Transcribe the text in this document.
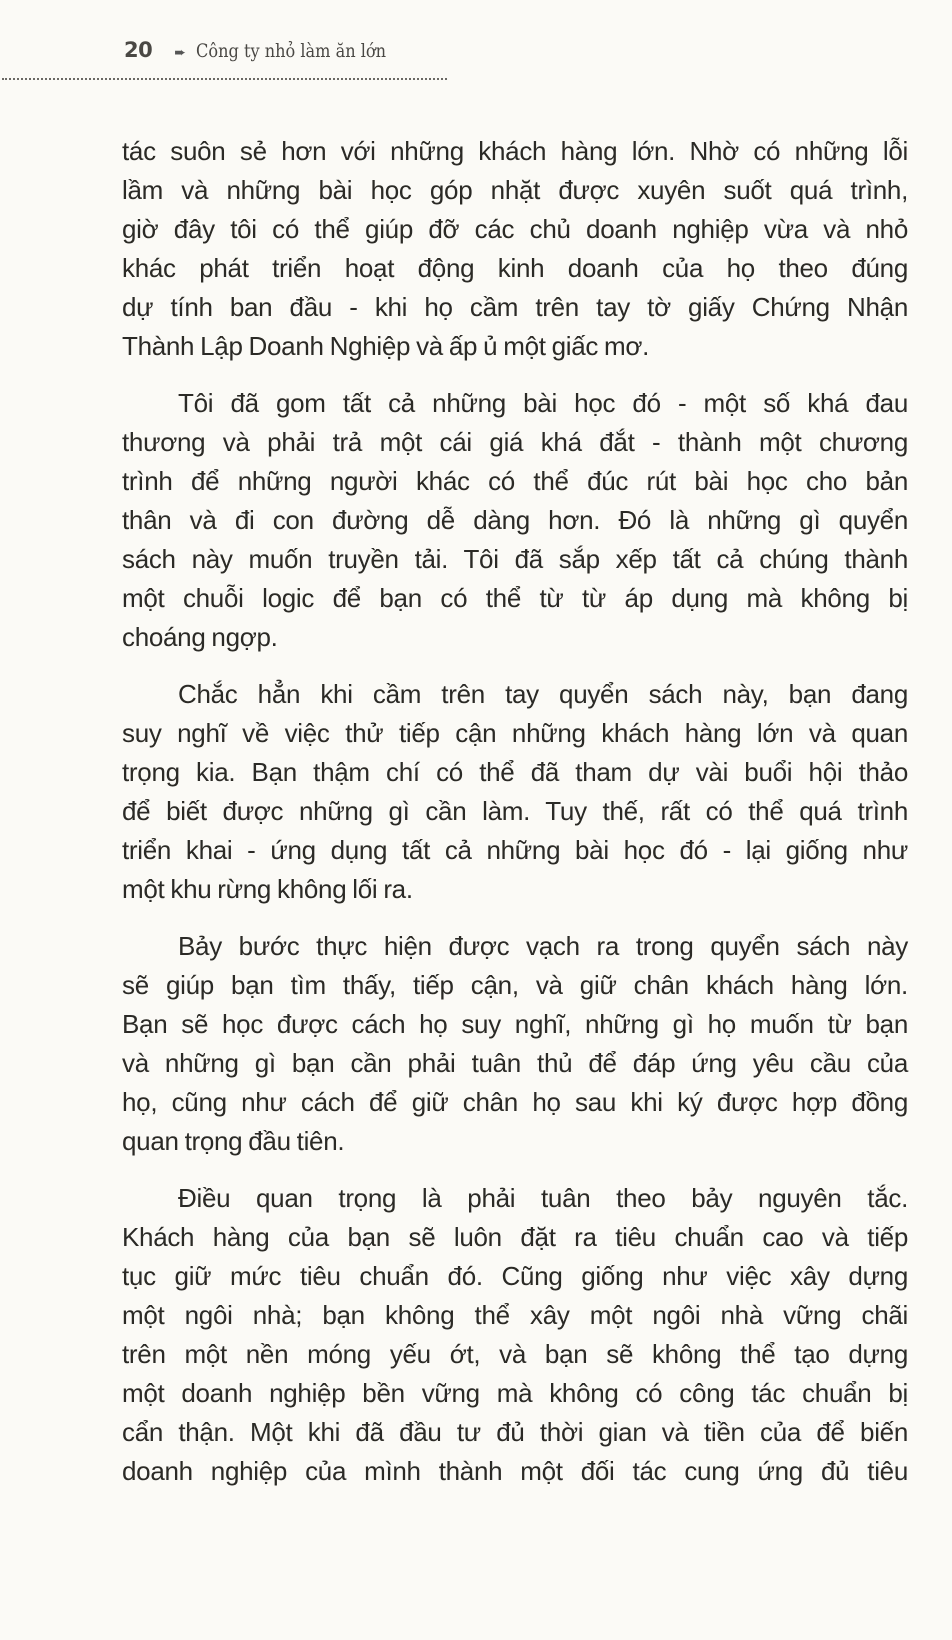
20 ➨ Công ty nhỏ làm ăn lớn
tác suôn sẻ hơn với những khách hàng lớn. Nhờ có những lỗi
lầm và những bài học góp nhặt được xuyên suốt quá trình,
giờ đây tôi có thể giúp đỡ các chủ doanh nghiệp vừa và nhỏ
khác phát triển hoạt động kinh doanh của họ theo đúng
dự tính ban đầu - khi họ cầm trên tay tờ giấy Chứng Nhận
Thành Lập Doanh Nghiệp và ấp ủ một giấc mơ.
Tôi đã gom tất cả những bài học đó - một số khá đau
thương và phải trả một cái giá khá đắt - thành một chương
trình để những người khác có thể đúc rút bài học cho bản
thân và đi con đường dễ dàng hơn. Đó là những gì quyển
sách này muốn truyền tải. Tôi đã sắp xếp tất cả chúng thành
một chuỗi logic để bạn có thể từ từ áp dụng mà không bị
choáng ngợp.
Chắc hẳn khi cầm trên tay quyển sách này, bạn đang
suy nghĩ về việc thử tiếp cận những khách hàng lớn và quan
trọng kia. Bạn thậm chí có thể đã tham dự vài buổi hội thảo
để biết được những gì cần làm. Tuy thế, rất có thể quá trình
triển khai - ứng dụng tất cả những bài học đó - lại giống như
một khu rừng không lối ra.
Bảy bước thực hiện được vạch ra trong quyển sách này
sẽ giúp bạn tìm thấy, tiếp cận, và giữ chân khách hàng lớn.
Bạn sẽ học được cách họ suy nghĩ, những gì họ muốn từ bạn
và những gì bạn cần phải tuân thủ để đáp ứng yêu cầu của
họ, cũng như cách để giữ chân họ sau khi ký được hợp đồng
quan trọng đầu tiên.
Điều quan trọng là phải tuân theo bảy nguyên tắc.
Khách hàng của bạn sẽ luôn đặt ra tiêu chuẩn cao và tiếp
tục giữ mức tiêu chuẩn đó. Cũng giống như việc xây dựng
một ngôi nhà; bạn không thể xây một ngôi nhà vững chãi
trên một nền móng yếu ớt, và bạn sẽ không thể tạo dựng
một doanh nghiệp bền vững mà không có công tác chuẩn bị
cẩn thận. Một khi đã đầu tư đủ thời gian và tiền của để biến
doanh nghiệp của mình thành một đối tác cung ứng đủ tiêu
